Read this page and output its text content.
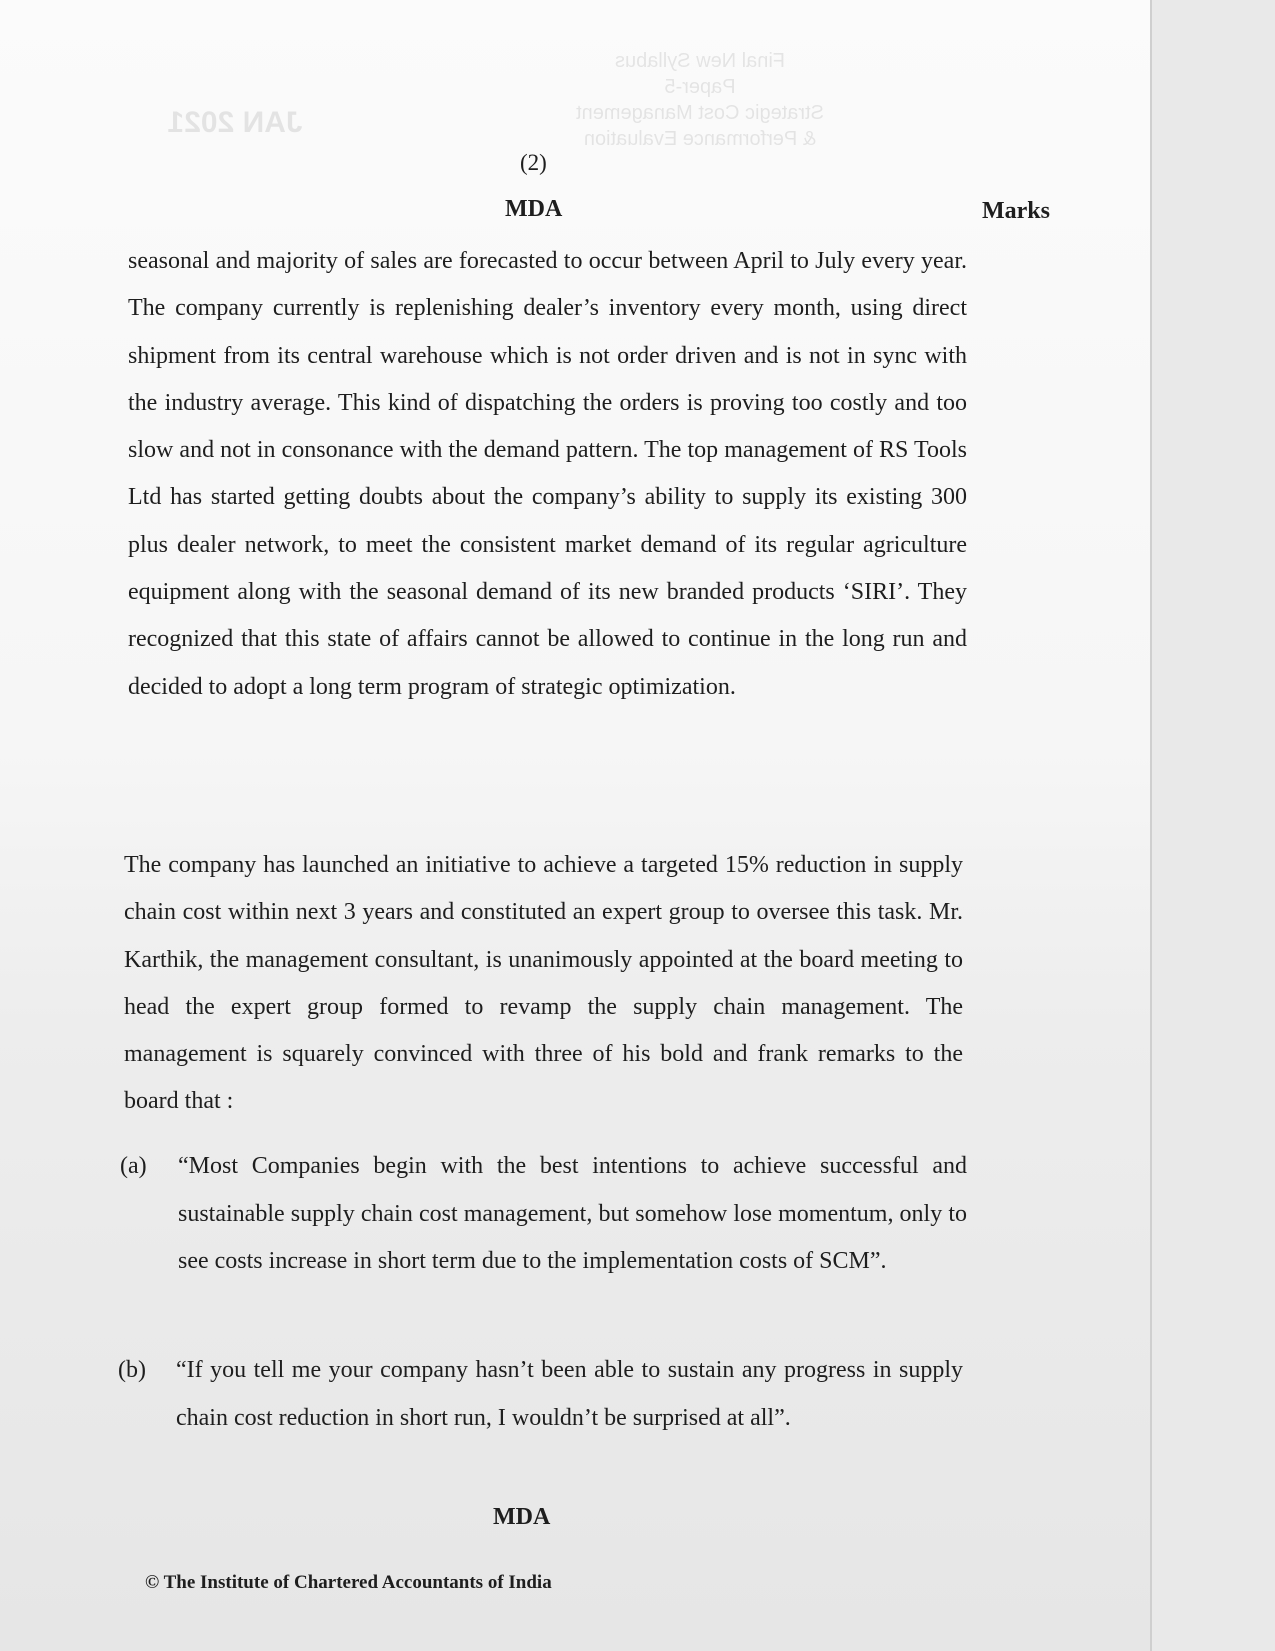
Final New Syllabus
Paper-5
Strategic Cost Management
& Performance Evaluation
JAN 2021
(2)
MDA	Marks

seasonal and majority of sales are forecasted to occur between April to July every year. The company currently is replenishing dealer’s inventory every month, using direct shipment from its central warehouse which is not order driven and is not in sync with the industry average. This kind of dispatching the orders is proving too costly and too slow and not in consonance with the demand pattern. The top management of RS Tools Ltd has started getting doubts about the company’s ability to supply its existing 300 plus dealer network, to meet the consistent market demand of its regular agriculture equipment along with the seasonal demand of its new branded products ‘SIRI’. They recognized that this state of affairs cannot be allowed to continue in the long run and decided to adopt a long term program of strategic optimization.

The company has launched an initiative to achieve a targeted 15% reduction in supply chain cost within next 3 years and constituted an expert group to oversee this task. Mr. Karthik, the management consultant, is unanimously appointed at the board meeting to head the expert group formed to revamp the supply chain management. The management is squarely convinced with three of his bold and frank remarks to the board that :

(a) “Most Companies begin with the best intentions to achieve successful and sustainable supply chain cost management, but somehow lose momentum, only to see costs increase in short term due to the implementation costs of SCM”.

(b) “If you tell me your company hasn’t been able to sustain any progress in supply chain cost reduction in short run, I wouldn’t be surprised at all”.

MDA
© The Institute of Chartered Accountants of India
